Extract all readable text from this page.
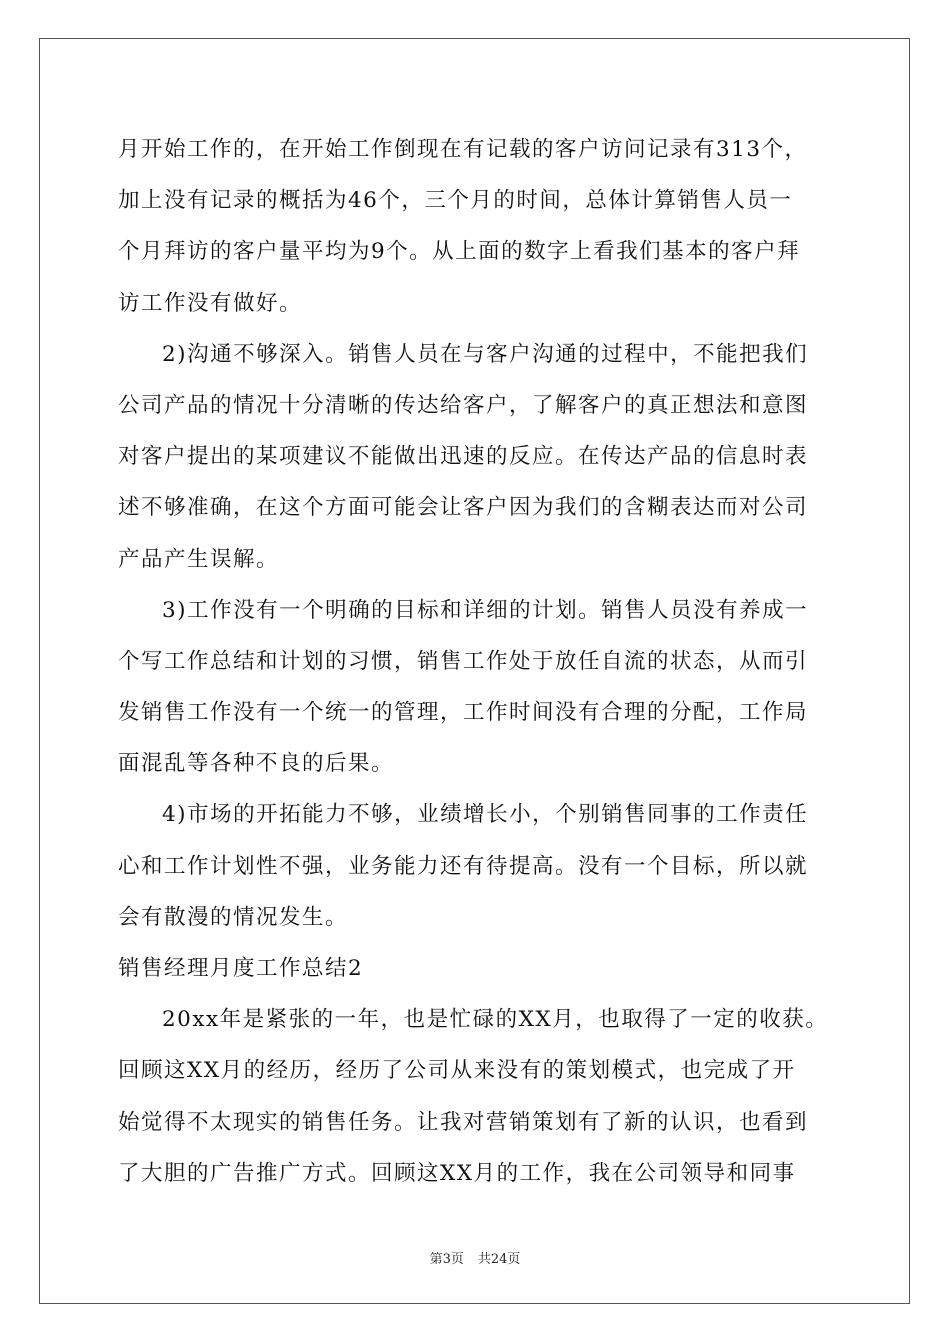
月开始工作的，在开始工作倒现在有记载的客户访问记录有313个，
加上没有记录的概括为46个，三个月的时间，总体计算销售人员一
个月拜访的客户量平均为9个。从上面的数字上看我们基本的客户拜
访工作没有做好。
2)沟通不够深入。销售人员在与客户沟通的过程中，不能把我们
公司产品的情况十分清晰的传达给客户，了解客户的真正想法和意图
对客户提出的某项建议不能做出迅速的反应。在传达产品的信息时表
述不够准确，在这个方面可能会让客户因为我们的含糊表达而对公司
产品产生误解。
3)工作没有一个明确的目标和详细的计划。销售人员没有养成一
个写工作总结和计划的习惯，销售工作处于放任自流的状态，从而引
发销售工作没有一个统一的管理，工作时间没有合理的分配，工作局
面混乱等各种不良的后果。
4)市场的开拓能力不够，业绩增长小，个别销售同事的工作责任
心和工作计划性不强，业务能力还有待提高。没有一个目标，所以就
会有散漫的情况发生。
销售经理月度工作总结2
20xx年是紧张的一年，也是忙碌的XX月，也取得了一定的收获。
回顾这XX月的经历，经历了公司从来没有的策划模式，也完成了开
始觉得不太现实的销售任务。让我对营销策划有了新的认识，也看到
了大胆的广告推广方式。回顾这XX月的工作，我在公司领导和同事
第3页 共24页
